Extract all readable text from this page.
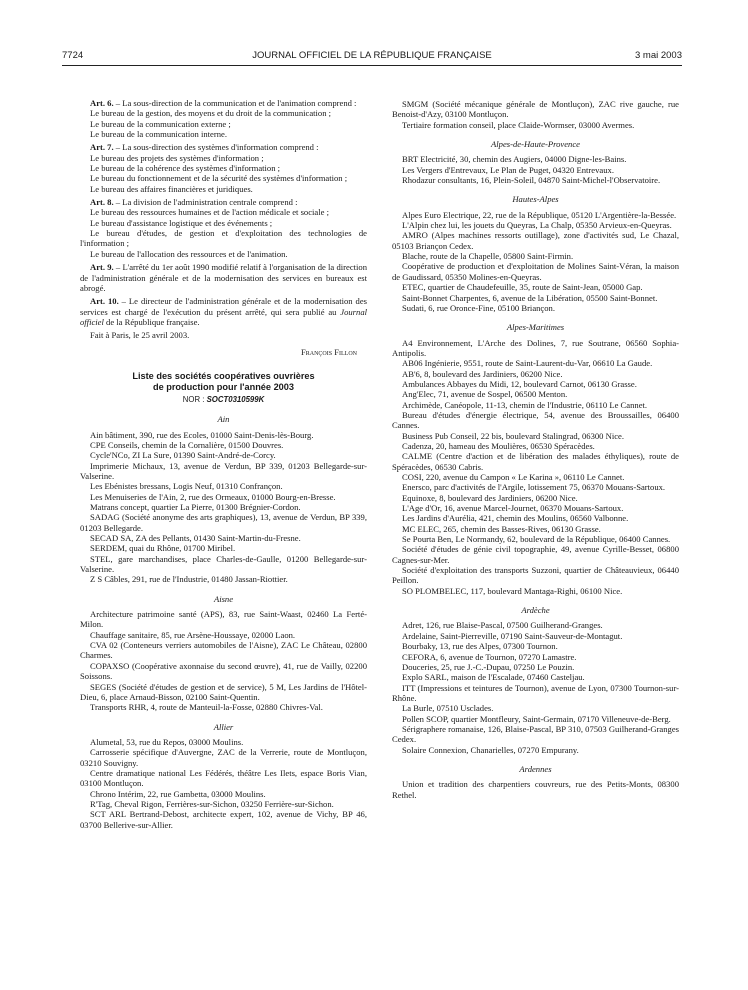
7724	JOURNAL OFFICIEL DE LA RÉPUBLIQUE FRANÇAISE	3 mai 2003

Art. 6. – La sous-direction de la communication et de l'animation comprend :

Le bureau de la gestion, des moyens et du droit de la communication ;

Le bureau de la communication externe ;

Le bureau de la communication interne.

Art. 7. – La sous-direction des systèmes d'information comprend :

Le bureau des projets des systèmes d'information ;

Le bureau de la cohérence des systèmes d'information ;

Le bureau du fonctionnement et de la sécurité des systèmes d'information ;

Le bureau des affaires financières et juridiques.

Art. 8. – La division de l'administration centrale comprend :

Le bureau des ressources humaines et de l'action médicale et sociale ;

Le bureau d'assistance logistique et des événements ;

Le bureau d'études, de gestion et d'exploitation des technologies de l'information ;

Le bureau de l'allocation des ressources et de l'animation.

Art. 9. – L'arrêté du 1er août 1990 modifié relatif à l'organisation de la direction de l'administration générale et de la modernisation des services en bureaux est abrogé.

Art. 10. – Le directeur de l'administration générale et de la modernisation des services est chargé de l'exécution du présent arrêté, qui sera publié au Journal officiel de la République française.

Fait à Paris, le 25 avril 2003.

François Fillon

Liste des sociétés coopératives ouvrières

de production pour l'année 2003

NOR : SOCT0310599K

Ain

Ain bâtiment, 390, rue des Ecoles, 01000 Saint-Denis-lès-Bourg.

CPE Conseils, chemin de la Cornalière, 01500 Douvres.

Cycle'NCo, ZI La Sure, 01390 Saint-André-de-Corcy.

Imprimerie Michaux, 13, avenue de Verdun, BP 339, 01203 Bellegarde-sur-Valserine.

Les Ebénistes bressans, Logis Neuf, 01310 Confrançon.

Les Menuiseries de l'Ain, 2, rue des Ormeaux, 01000 Bourg-en-Bresse.

Matrans concept, quartier La Pierre, 01300 Brégnier-Cordon.

SADAG (Société anonyme des arts graphiques), 13, avenue de Verdun, BP 339, 01203 Bellegarde.

SECAD SA, ZA des Pellants, 01430 Saint-Martin-du-Fresne.

SERDEM, quai du Rhône, 01700 Miribel.

STEL, gare marchandises, place Charles-de-Gaulle, 01200 Bellegarde-sur-Valserine.

Z S Câbles, 291, rue de l'Industrie, 01480 Jassan-Riottier.

Aisne

Architecture patrimoine santé (APS), 83, rue Saint-Waast, 02460 La Ferté-Milon.

Chauffage sanitaire, 85, rue Arsène-Houssaye, 02000 Laon.

CVA 02 (Conteneurs verriers automobiles de l'Aisne), ZAC Le Château, 02800 Charmes.

COPAXSO (Coopérative axonnaise du second œuvre), 41, rue de Vailly, 02200 Soissons.

SEGES (Société d'études de gestion et de service), 5 M, Les Jardins de l'Hôtel-Dieu, 6, place Arnaud-Bisson, 02100 Saint-Quentin.

Transports RHR, 4, route de Manteuil-la-Fosse, 02880 Chivres-Val.

Allier

Alumetal, 53, rue du Repos, 03000 Moulins.

Carrosserie spécifique d'Auvergne, ZAC de la Verrerie, route de Montluçon, 03210 Souvigny.

Centre dramatique national Les Fédérés, théâtre Les Ilets, espace Boris Vian, 03100 Montluçon.

Chrono Intérim, 22, rue Gambetta, 03000 Moulins.

R'Tag, Cheval Rigon, Ferrières-sur-Sichon, 03250 Ferrière-sur-Sichon.

SCT ARL Bertrand-Debost, architecte expert, 102, avenue de Vichy, BP 46, 03700 Bellerive-sur-Allier.

SMGM (Société mécanique générale de Montluçon), ZAC rive gauche, rue Benoist-d'Azy, 03100 Montluçon.

Tertiaire formation conseil, place Claide-Wormser, 03000 Avermes.

Alpes-de-Haute-Provence

BRT Electricité, 30, chemin des Augiers, 04000 Digne-les-Bains.

Les Vergers d'Entrevaux, Le Plan de Puget, 04320 Entrevaux.

Rhodazur consultants, 16, Plein-Soleil, 04870 Saint-Michel-l'Observatoire.

Hautes-Alpes

Alpes Euro Electrique, 22, rue de la République, 05120 L'Argentière-la-Bessée.

L'Alpin chez lui, les jouets du Queyras, La Chalp, 05350 Arvieux-en-Queyras.

AMRO (Alpes machines ressorts outillage), zone d'activités sud, Le Chazal, 05103 Briançon Cedex.

Blache, route de la Chapelle, 05800 Saint-Firmin.

Coopérative de production et d'exploitation de Molines Saint-Véran, la maison de Gaudissard, 05350 Molines-en-Queyras.

ETEC, quartier de Chaudefeuille, 35, route de Saint-Jean, 05000 Gap.

Saint-Bonnet Charpentes, 6, avenue de la Libération, 05500 Saint-Bonnet.

Sudati, 6, rue Oronce-Fine, 05100 Briançon.

Alpes-Maritimes

A4 Environnement, L'Arche des Dolines, 7, rue Soutrane, 06560 Sophia-Antipolis.

AB06 Ingénierie, 9551, route de Saint-Laurent-du-Var, 06610 La Gaude.

AB'6, 8, boulevard des Jardiniers, 06200 Nice.

Ambulances Abbayes du Midi, 12, boulevard Carnot, 06130 Grasse.

Ang'Elec, 71, avenue de Sospel, 06500 Menton.

Archimède, Canéopole, 11-13, chemin de l'Industrie, 06110 Le Cannet.

Bureau d'études d'énergie électrique, 54, avenue des Broussailles, 06400 Cannes.

Business Pub Conseil, 22 bis, boulevard Stalingrad, 06300 Nice.

Cadenza, 20, hameau des Moulières, 06530 Spéracèdes.

CALME (Centre d'action et de libération des malades éthyliques), route de Spéracèdes, 06530 Cabris.

COSI, 220, avenue du Campon « Le Karina », 06110 Le Cannet.

Enersco, parc d'activités de l'Argile, lotissement 75, 06370 Mouans-Sartoux.

Equinoxe, 8, boulevard des Jardiniers, 06200 Nice.

L'Age d'Or, 16, avenue Marcel-Journet, 06370 Mouans-Sartoux.

Les Jardins d'Aurélia, 421, chemin des Moulins, 06560 Valbonne.

MC ELEC, 265, chemin des Basses-Rives, 06130 Grasse.

Se Pourta Ben, Le Normandy, 62, boulevard de la République, 06400 Cannes.

Société d'études de génie civil topographie, 49, avenue Cyrille-Besset, 06800 Cagnes-sur-Mer.

Société d'exploitation des transports Suzzoni, quartier de Châteauvieux, 06440 Peillon.

SO PLOMBELEC, 117, boulevard Mantaga-Righi, 06100 Nice.

Ardèche

Adret, 126, rue Blaise-Pascal, 07500 Guilherand-Granges.

Ardelaine, Saint-Pierreville, 07190 Saint-Sauveur-de-Montagut.

Bourbaky, 13, rue des Alpes, 07300 Tournon.

CEFORA, 6, avenue de Tournon, 07270 Lamastre.

Douceries, 25, rue J.-C.-Dupau, 07250 Le Pouzin.

Explo SARL, maison de l'Escalade, 07460 Casteljau.

ITT (Impressions et teintures de Tournon), avenue de Lyon, 07300 Tournon-sur-Rhône.

La Burle, 07510 Usclades.

Pollen SCOP, quartier Montfleury, Saint-Germain, 07170 Villeneuve-de-Berg.

Sérigraphere romanaise, 126, Blaise-Pascal, BP 310, 07503 Guilherand-Granges Cedex.

Solaire Connexion, Chanarielles, 07270 Empurany.

Ardennes

Union et tradition des charpentiers couvreurs, rue des Petits-Monts, 08300 Rethel.
